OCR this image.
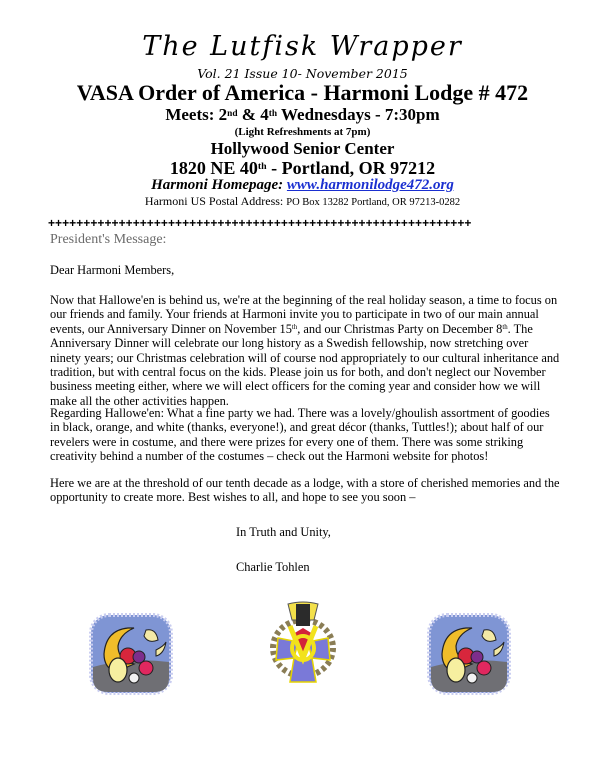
The Lutfisk Wrapper
Vol. 21 Issue 10- November 2015
VASA Order of America - Harmoni Lodge # 472
Meets: 2nd & 4th Wednesdays - 7:30pm
(Light Refreshments at 7pm)
Hollywood Senior Center
1820 NE 40th - Portland, OR 97212
Harmoni Homepage: www.harmonilodge472.org
Harmoni US Postal Address: PO Box 13282 Portland, OR 97213-0282
++++++++++++++++++++++++++++++++++++++++++++++++++++++++++++
President's Message:
Dear Harmoni Members,
Now that Hallowe'en is behind us, we're at the beginning of the real holiday season, a time to focus on our friends and family. Your friends at Harmoni invite you to participate in two of our main annual events, our Anniversary Dinner on November 15th, and our Christmas Party on December 8th. The Anniversary Dinner will celebrate our long history as a Swedish fellowship, now stretching over ninety years; our Christmas celebration will of course nod appropriately to our cultural inheritance and tradition, but with central focus on the kids. Please join us for both, and don't neglect our November business meeting either, where we will elect officers for the coming year and consider how we will make all the other activities happen.
Regarding Hallowe'en: What a fine party we had. There was a lovely/ghoulish assortment of goodies in black, orange, and white (thanks, everyone!), and great décor (thanks, Tuttles!); about half of our revelers were in costume, and there were prizes for every one of them. There was some striking creativity behind a number of the costumes – check out the Harmoni website for photos!
Here we are at the threshold of our tenth decade as a lodge, with a store of cherished memories and the opportunity to create more. Best wishes to all, and hope to see you soon –
In Truth and Unity,
Charlie Tohlen
